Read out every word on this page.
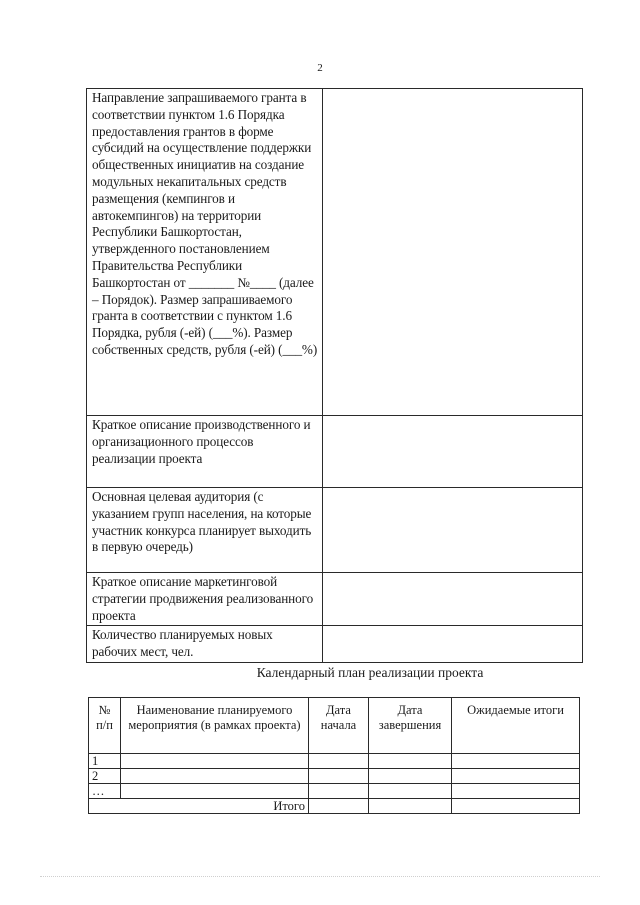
2
Направление запрашиваемого гранта в соответствии пунктом 1.6 Порядка предоставления грантов в форме субсидий на осуществление поддержки общественных инициатив на создание модульных некапитальных средств размещения (кемпингов и автокемпингов) на территории Республики Башкортостан, утвержденного постановлением Правительства Республики Башкортостан от _______ №____ (далее – Порядок). Размер запрашиваемого гранта в соответствии с пунктом 1.6 Порядка, рубля (-ей) (___%). Размер собственных средств, рубля (-ей) (___%)	
Краткое описание производственного и организационного процессов реализации проекта	
Основная целевая аудитория (с указанием групп населения, на которые участник конкурса планирует выходить в первую очередь)	
Краткое описание маркетинговой стратегии продвижения реализованного проекта	
Количество планируемых новых рабочих мест, чел.	
Календарный план реализации проекта
№ п/п	Наименование планируемого мероприятия (в рамках проекта)	Дата начала	Дата завершения	Ожидаемые итоги
1				
2				
…				
Итого				
